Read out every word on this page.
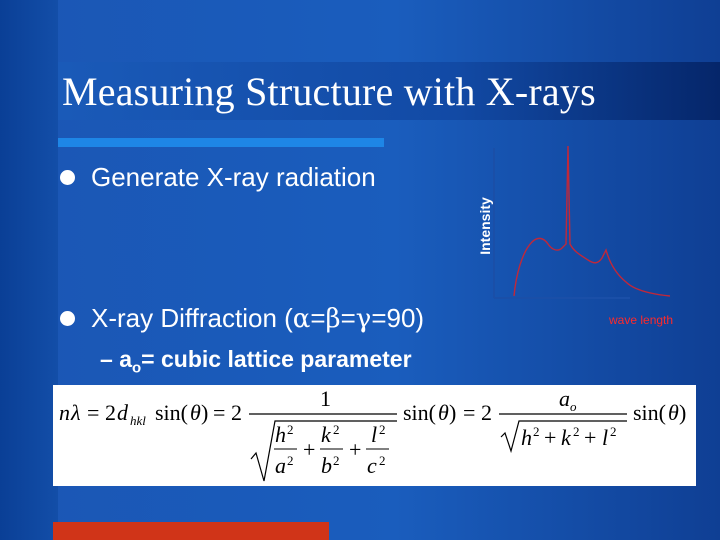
Measuring Structure with X-rays
Generate X-ray radiation
X-ray Diffraction (α=β=γ=90)
– $a_o=$ cubic lattice parameter
Intensity
wave length
n λ = 2 d hkl sin( θ ) = 2
1
h 2
a 2 +
k 2
b 2 +
l 2
c 2
sin( θ ) = 2
a o
h 2 + k 2 + l 2
sin( θ )
